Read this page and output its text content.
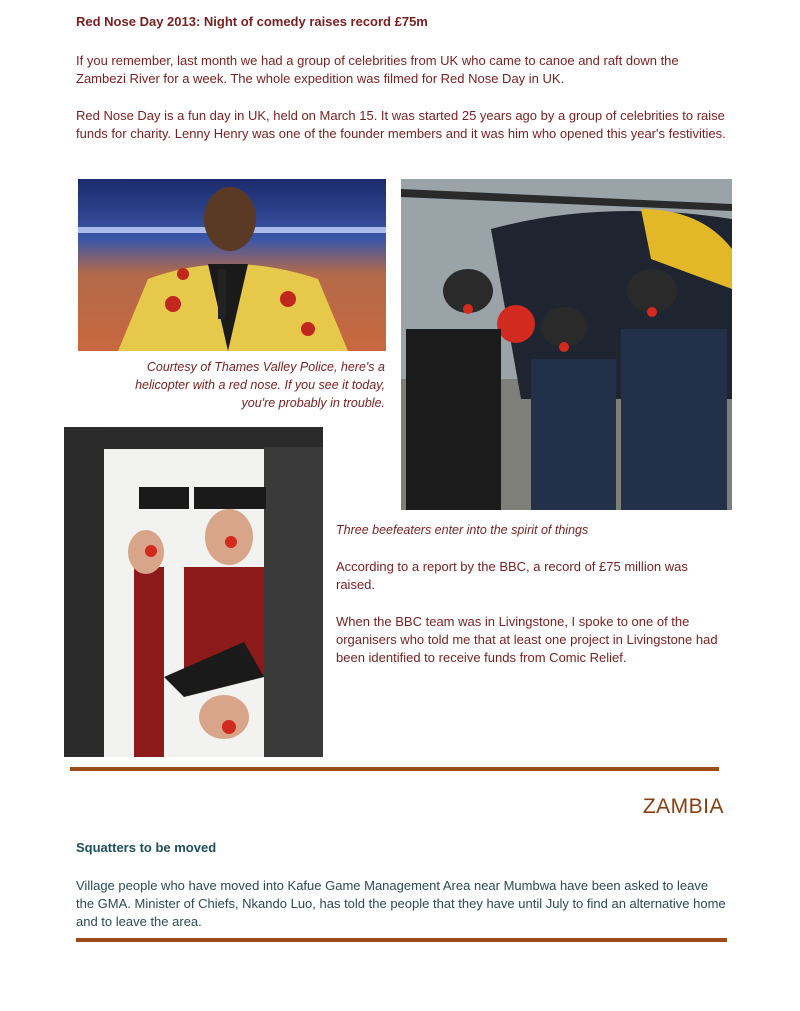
Red Nose Day 2013: Night of comedy raises record £75m

If you remember, last month we had a group of celebrities from UK who came to canoe and raft down the Zambezi River for a week. The whole expedition was filmed for Red Nose Day in UK.

Red Nose Day is a fun day in UK, held on March 15. It was started 25 years ago by a group of celebrities to raise funds for charity. Lenny Henry was one of the founder members and it was him who opened this year's festivities.

Courtesy of Thames Valley Police, here's a helicopter with a red nose. If you see it today, you're probably in trouble.

Three beefeaters enter into the spirit of things

According to a report by the BBC, a record of £75 million was raised.

When the BBC team was in Livingstone, I spoke to one of the organisers who told me that at least one project in Livingstone had been identified to receive funds from Comic Relief.

ZAMBIA
Squatters to be moved

Village people who have moved into Kafue Game Management Area near Mumbwa have been asked to leave the GMA. Minister of Chiefs, Nkando Luo, has told the people that they have until July to find an alternative home and to leave the area.
